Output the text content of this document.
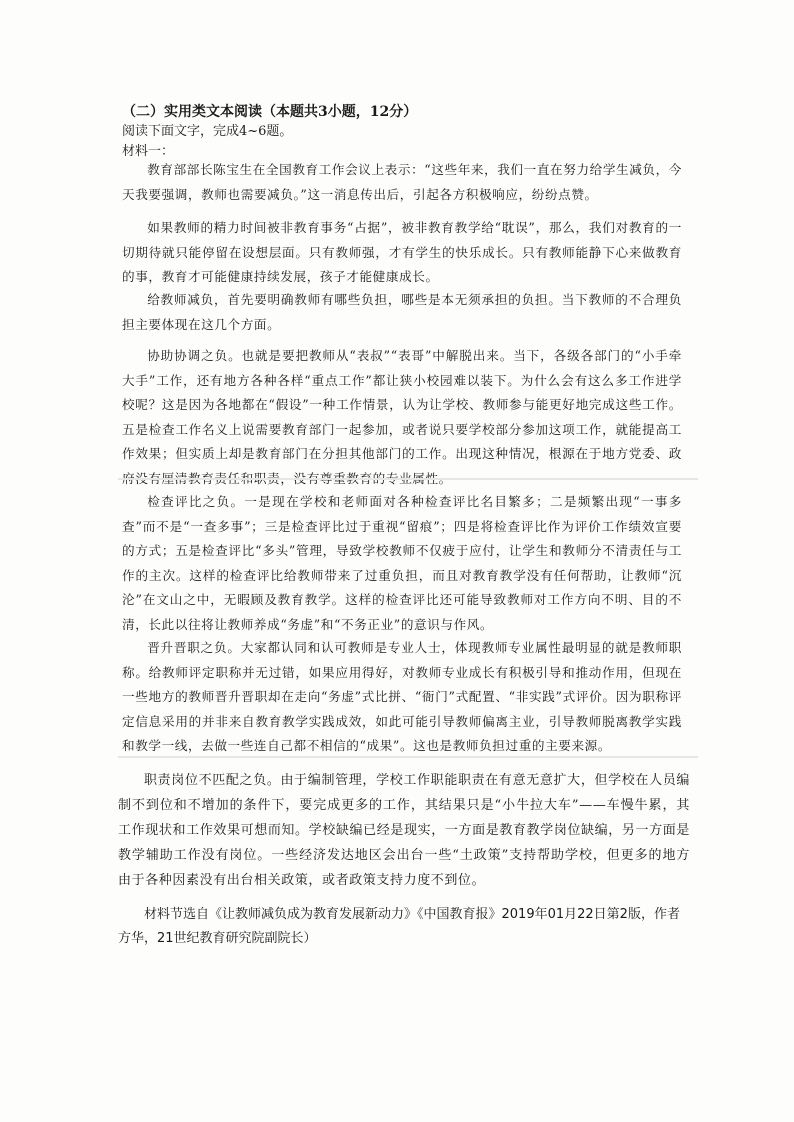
（二）实用类文本阅读（本题共3小题，12分）

阅读下面文字，完成4~6题。

材料一：

教育部部长陈宝生在全国教育工作会议上表示：“这些年来，我们一直在努力给学生减负，今天我要强调，教师也需要减负。”这一消息传出后，引起各方积极响应，纷纷点赞。

如果教师的精力时间被非教育事务“占据”，被非教育教学给“耽误”，那么，我们对教育的一切期待就只能停留在设想层面。只有教师强，才有学生的快乐成长。只有教师能静下心来做教育的事，教育才可能健康持续发展，孩子才能健康成长。

给教师减负，首先要明确教师有哪些负担，哪些是本无须承担的负担。当下教师的不合理负担主要体现在这几个方面。

协助协调之负。也就是要把教师从“表叔”“表哥”中解脱出来。当下，各级各部门的“小手牵大手”工作，还有地方各种各样“重点工作”都让狭小校园难以装下。为什么会有这么多工作进学校呢？这是因为各地都在“假设”一种工作情景，认为让学校、教师参与能更好地完成这些工作。五是检查工作名义上说需要教育部门一起参加，或者说只要学校部分参加这项工作，就能提高工作效果；但实质上却是教育部门在分担其他部门的工作。出现这种情况，根源在于地方党委、政

检查评比之负。一是现在学校和老师面对各种检查评比名目繁多；二是频繁出现“一事多查”而不是“一查多事”；三是检查评比过于重视“留痕”；四是将检查评比作为评价工作绩效宣要的方式；五是检查评比“多头”管理，导致学校教师不仅疲于应付，让学生和教师分不清责任与工作的主次。这样的检查评比给教师带来了过重负担，而且对教育教学没有任何帮助，让教师“沉沦”在文山之中，无暇顾及教育教学。这样的检查评比还可能导致教师对工作方向不明、目的不清，长此以往将让教师养成“务虚”和“不务正业”的意识与作风。

晋升晋职之负。大家都认同和认可教师是专业人士，体现教师专业属性最明显的就是教师职称。给教师评定职称并无过错，如果应用得好，对教师专业成长有积极引导和推动作用，但现在一些地方的教师晋升晋职却在走向“务虚”式比拼、“衙门”式配置、“非实践”式评价。因为职称评定信息采用的并非来自教育教学实践成效，如此可能引导教师偏离主业，引导教师脱离教学实践和教学一线，去做一些连自己都不相信的“成果”。这也是教师负担过重的主要来源。

职责岗位不匹配之负。由于编制管理，学校工作职能职责在有意无意扩大，但学校在人员编制不到位和不增加的条件下，要完成更多的工作，其结果只是“小牛拉大车”——车慢牛累，其工作现状和工作效果可想而知。学校缺编已经是现实，一方面是教育教学岗位缺编，另一方面是教学辅助工作没有岗位。一些经济发达地区会出台一些“土政策”支持帮助学校，但更多的地方由于各种因素没有出台相关政策，或者政策支持力度不到位。

材料节选自《让教师减负成为教育发展新动力》《中国教育报》2019年01月22日第2版，作者方华，21世纪教育研究院副院长）
